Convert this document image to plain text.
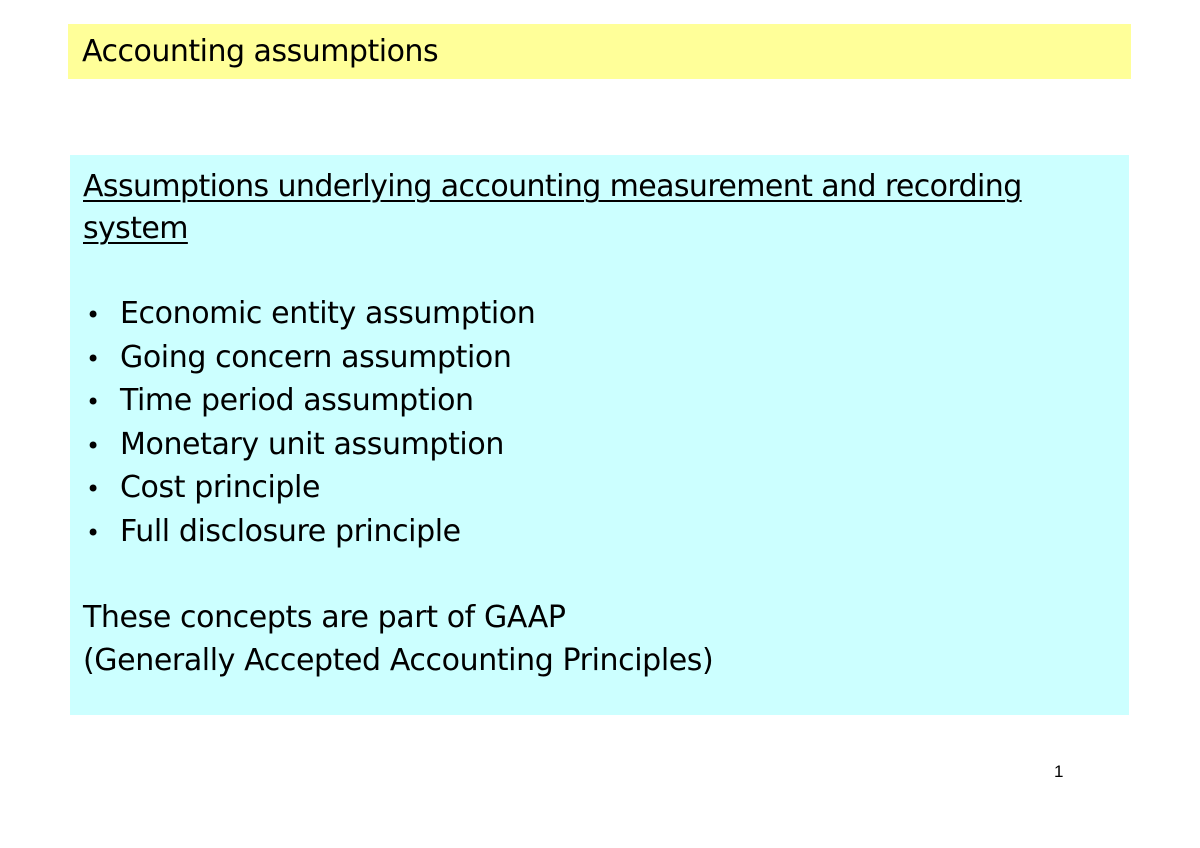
Accounting assumptions

Assumptions underlying accounting measurement and recording system

• Economic entity assumption
• Going concern assumption
• Time period assumption
• Monetary unit assumption
• Cost principle
• Full disclosure principle
These concepts are part of GAAP
(Generally Accepted Accounting Principles)
1
